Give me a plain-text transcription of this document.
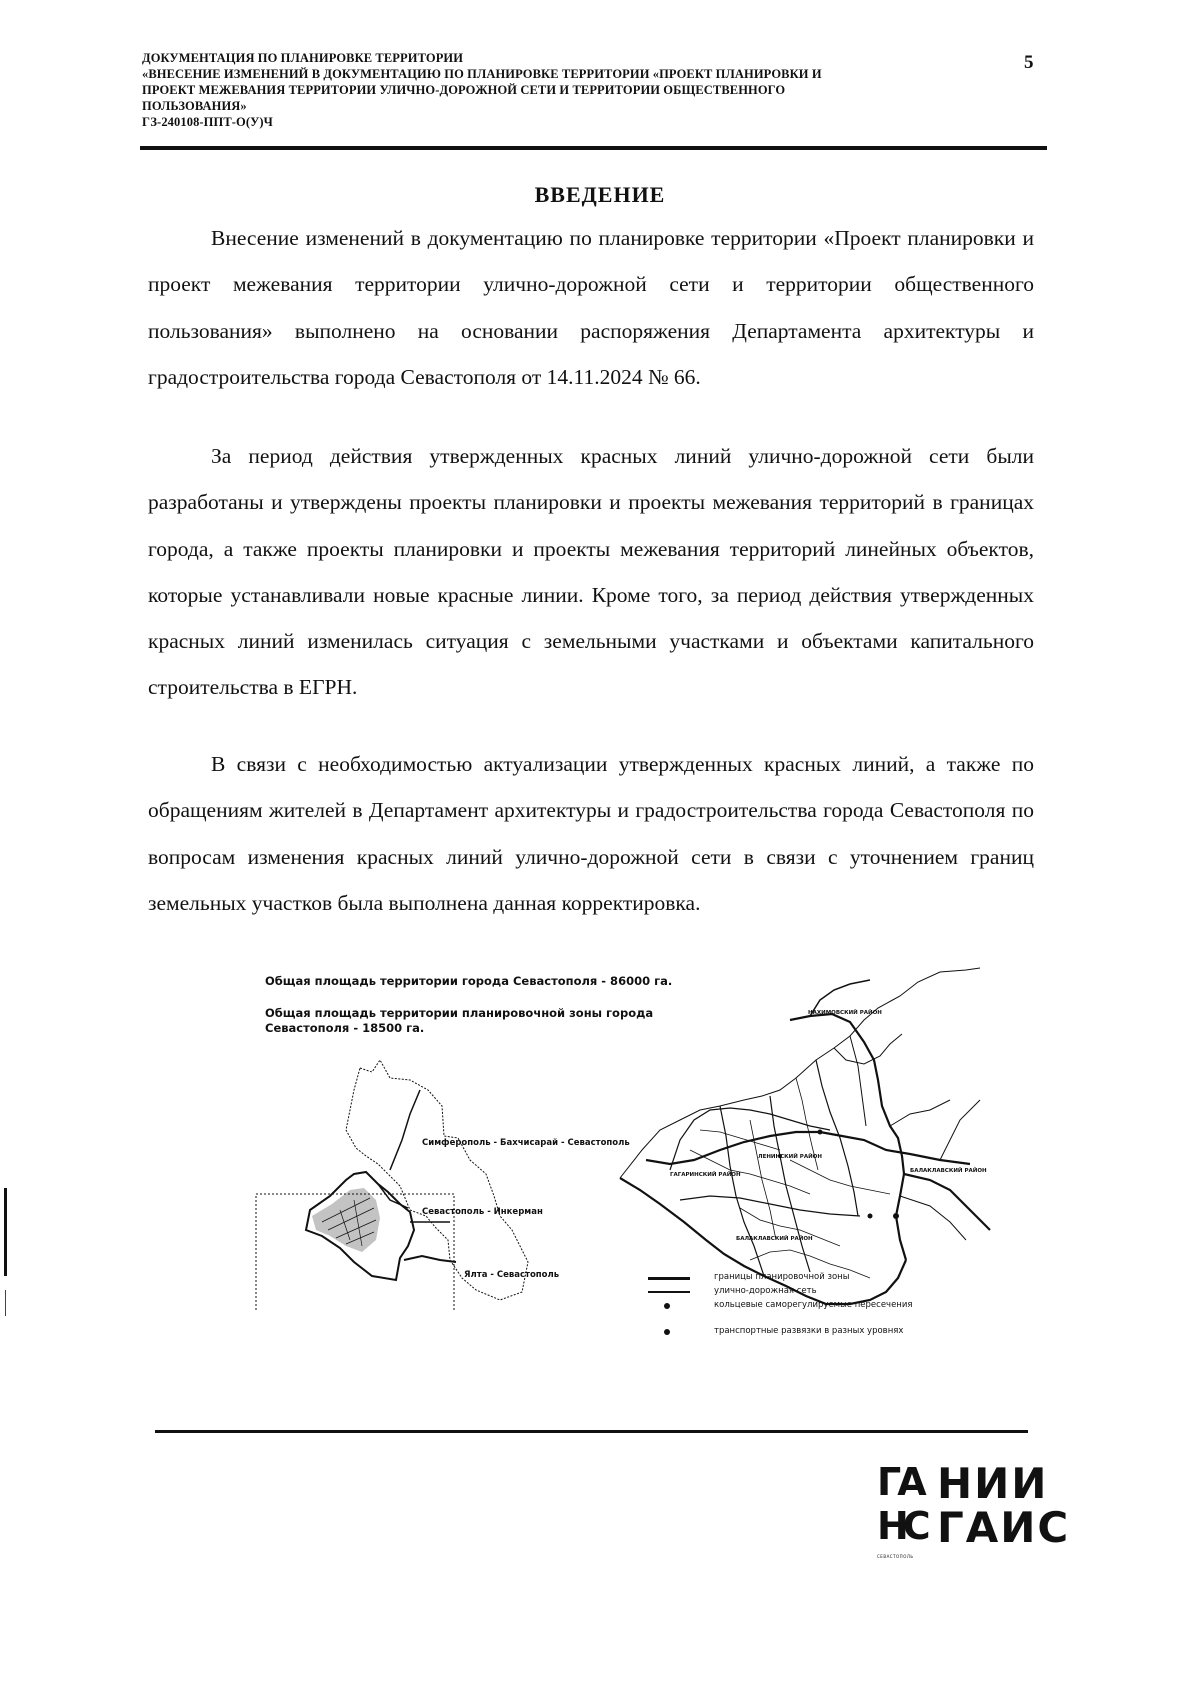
ДОКУМЕНТАЦИЯ ПО ПЛАНИРОВКЕ ТЕРРИТОРИИ
«ВНЕСЕНИЕ ИЗМЕНЕНИЙ В ДОКУМЕНТАЦИЮ ПО ПЛАНИРОВКЕ ТЕРРИТОРИИ «ПРОЕКТ ПЛАНИРОВКИ И
ПРОЕКТ МЕЖЕВАНИЯ ТЕРРИТОРИИ УЛИЧНО-ДОРОЖНОЙ СЕТИ И ТЕРРИТОРИИ ОБЩЕСТВЕННОГО
ПОЛЬЗОВАНИЯ»
ГЗ-240108-ППТ-О(У)Ч
5
ВВЕДЕНИЕ
Внесение изменений в документацию по планировке территории «Проект планировки и проект межевания территории улично-дорожной сети и территории общественного пользования» выполнено на основании распоряжения Департамента архитектуры и градостроительства города Севастополя от 14.11.2024 № 66.
За период действия утвержденных красных линий улично-дорожной сети были разработаны и утверждены проекты планировки и проекты межевания территорий в границах города, а также проекты планировки и проекты межевания территорий линейных объектов, которые устанавливали новые красные линии. Кроме того, за период действия утвержденных красных линий изменилась ситуация с земельными участками и объектами капитального строительства в ЕГРН.
В связи с необходимостью актуализации утвержденных красных линий, а также по обращениям жителей в Департамент архитектуры и градостроительства города Севастополя по вопросам изменения красных линий улично-дорожной сети в связи с уточнением границ земельных участков была выполнена данная корректировка.
Общая площадь территории города Севастополя - 86000 га.
Общая площадь территории планировочной зоны города Севастополя - 18500 га.
Симферополь - Бахчисарай - Севастополь
Севастополь - Инкерман
Ялта - Севастополь
НАХИМОВСКИЙ РАЙОН
ЛЕНИНСКИЙ РАЙОН
ГАГАРИНСКИЙ РАЙОН
БАЛАКЛАВСКИЙ РАЙОН
БАЛАКЛАВСКИЙ РАЙОН
границы планировочной зоны
улично-дорожная сеть
кольцевые саморегулируемые пересечения
транспортные развязки в разных уровнях
ГА
НС
НИИ
ГАИС
СЕВАСТОПОЛЬ
